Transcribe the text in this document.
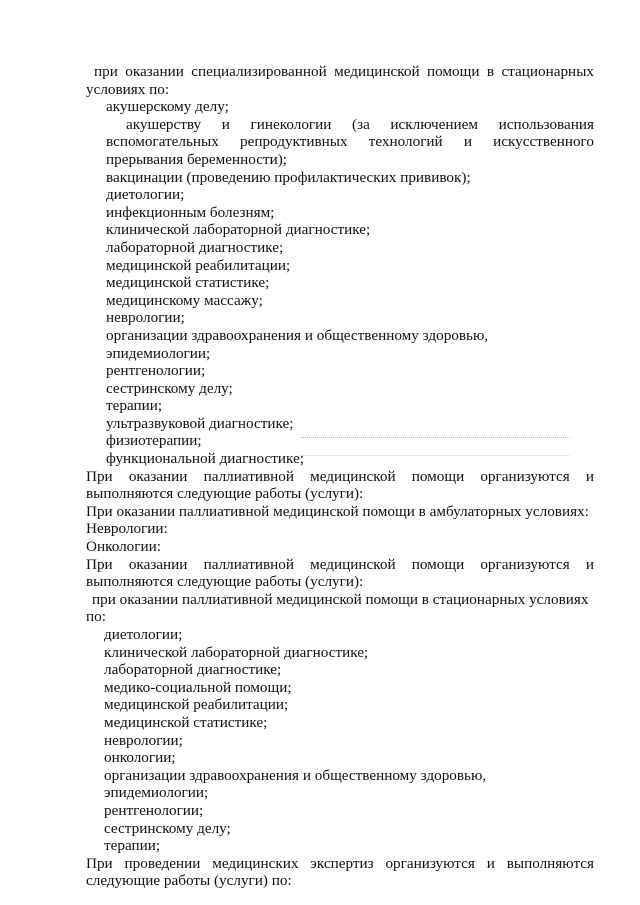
при оказании специализированной медицинской помощи в стационарных условиях по:

акушерскому делу;

акушерству и гинекологии (за исключением использования вспомогательных репродуктивных технологий и искусственного прерывания беременности);

вакцинации (проведению профилактических прививок);

диетологии;

инфекционным болезням;

клинической лабораторной диагностике;

лабораторной диагностике;

медицинской реабилитации;

медицинской статистике;

медицинскому массажу;

неврологии;

организации здравоохранения и общественному здоровью, эпидемиологии;

рентгенологии;

сестринскому делу;

терапии;

ультразвуковой диагностике;

физиотерапии;

функциональной диагностике;

При оказании паллиативной медицинской помощи организуются и выполняются следующие работы (услуги):

При оказании паллиативной медицинской помощи в амбулаторных условиях:

Неврологии:

Онкологии:

При оказании паллиативной медицинской помощи организуются и выполняются следующие работы (услуги):

при оказании паллиативной медицинской помощи в стационарных условиях по:

диетологии;

клинической лабораторной диагностике;

лабораторной диагностике;

медико-социальной помощи;

медицинской реабилитации;

медицинской статистике;

неврологии;

онкологии;

организации здравоохранения и общественному здоровью, эпидемиологии;

рентгенологии;

сестринскому делу;

терапии;

При проведении медицинских экспертиз организуются и выполняются следующие работы (услуги) по:
